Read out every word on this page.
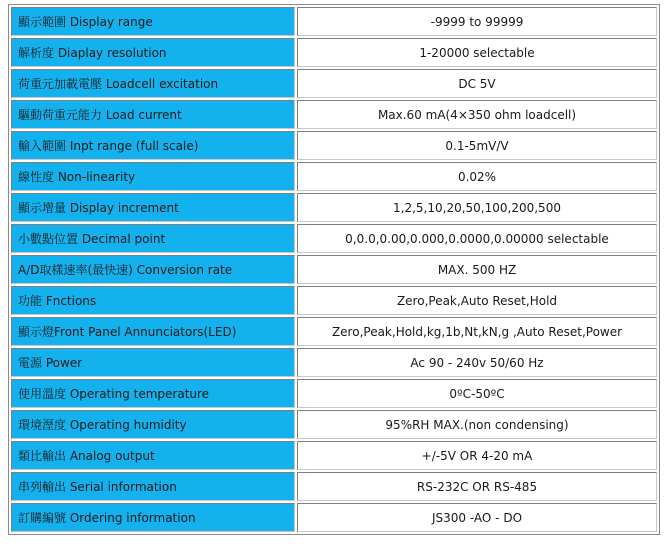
顯示範圍 Display range	-9999 to 99999
解析度 Diaplay resolution	1-20000 selectable
荷重元加載電壓 Loadcell excitation	DC 5V
驅動荷重元能力 Load current	Max.60 mA(4×350 ohm loadcell)
輸入範圍 Inpt range (full scale)	0.1-5mV/V
線性度 Non-linearity	0.02%
顯示增量 Display increment	1,2,5,10,20,50,100,200,500
小數點位置 Decimal point	0,0.0,0.00,0.000,0.0000,0.00000 selectable
A/D取樣速率(最快速) Conversion rate	MAX. 500 HZ
功能 Fnctions	Zero,Peak,Auto Reset,Hold
顯示燈Front Panel Annunciators(LED)	Zero,Peak,Hold,kg,1b,Nt,kN,g ,Auto Reset,Power
電源 Power	Ac 90 - 240v 50/60 Hz
使用溫度 Operating temperature	0ºC-50ºC
環境溼度 Operating humidity	95%RH MAX.(non condensing)
類比輸出 Analog output	+/-5V OR 4-20 mA
串列輸出 Serial information	RS-232C OR RS-485
訂購編號 Ordering information	JS300 -AO - DO
